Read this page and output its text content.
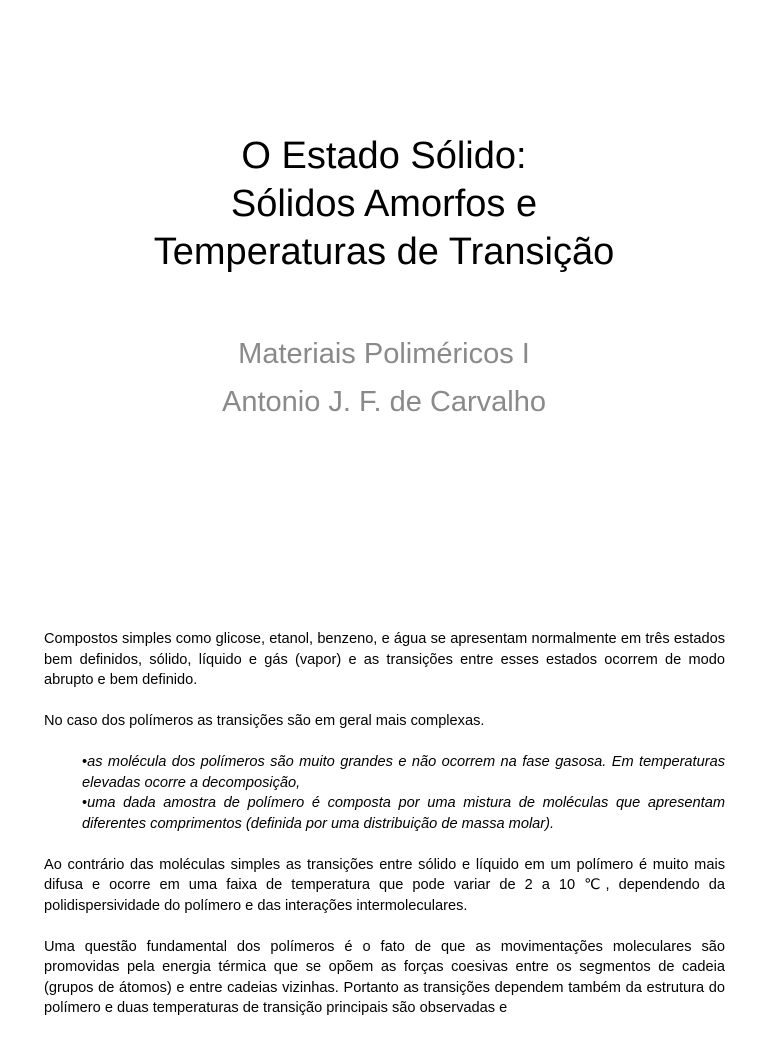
O Estado Sólido:
Sólidos Amorfos e
Temperaturas de Transição
Materiais Poliméricos I
Antonio J. F. de Carvalho

Compostos simples como glicose, etanol, benzeno, e água se apresentam normalmente em três estados bem definidos, sólido, líquido e gás (vapor) e as transições entre esses estados ocorrem de modo abrupto e bem definido.

No caso dos polímeros as transições são em geral mais complexas.

•as molécula dos polímeros são muito grandes e não ocorrem na fase gasosa. Em temperaturas elevadas ocorre a decomposição,
•uma dada amostra de polímero é composta por uma mistura de moléculas que apresentam diferentes comprimentos (definida por uma distribuição de massa molar).

Ao contrário das moléculas simples as transições entre sólido e líquido em um polímero é muito mais difusa e ocorre em uma faixa de temperatura que pode variar de 2 a 10 ℃, dependendo da polidispersividade do polímero e das interações intermoleculares.

Uma questão fundamental dos polímeros é o fato de que as movimentações moleculares são promovidas pela energia térmica que se opõem as forças coesivas entre os segmentos de cadeia (grupos de átomos) e entre cadeias vizinhas. Portanto as transições dependem também da estrutura do polímero e duas temperaturas de transição principais são observadas e
